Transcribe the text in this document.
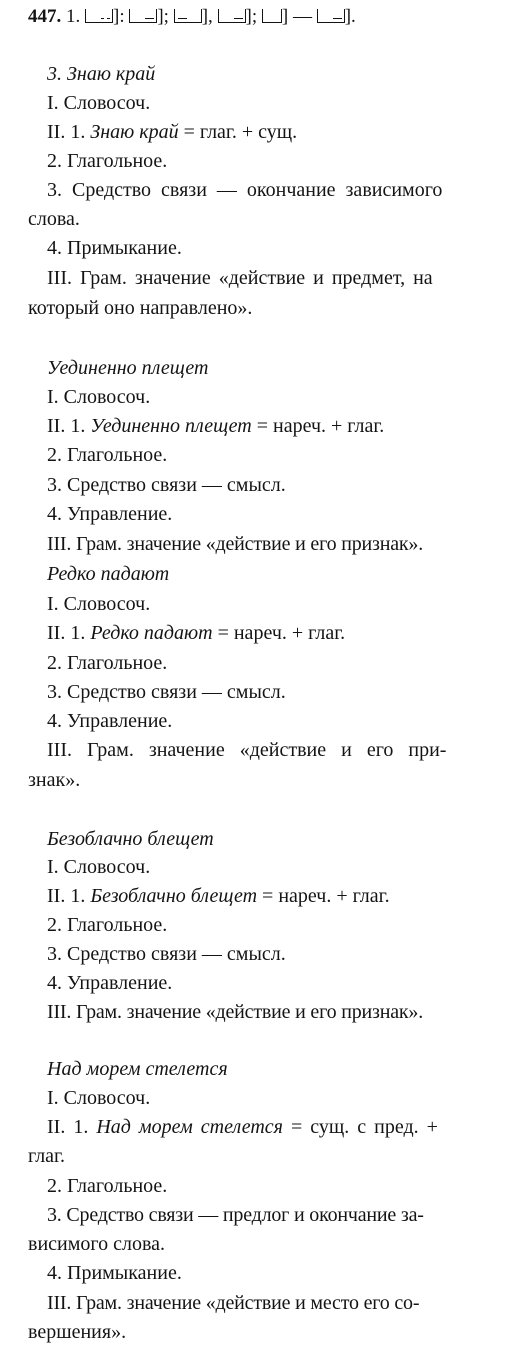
447. 1. ]:
];
],
]; ] —
].
3. Знаю край
I. Словосоч.
II. 1. Знаю край = глаг. + сущ.
2. Глагольное.
3. Средство связи — окончание зависимого
слова.
4. Примыкание.
III. Грам. значение «действие и предмет, на
который оно направлено».
Уединенно плещет
I. Словосоч.
II. 1. Уединенно плещет = нареч. + глаг.
2. Глагольное.
3. Средство связи — смысл.
4. Управление.
III. Грам. значение «действие и его признак».
Редко падают
I. Словосоч.
II. 1. Редко падают = нареч. + глаг.
2. Глагольное.
3. Средство связи — смысл.
4. Управление.
III. Грам. значение «действие и его при-
знак».
Безоблачно блещет
I. Словосоч.
II. 1. Безоблачно блещет = нареч. + глаг.
2. Глагольное.
3. Средство связи — смысл.
4. Управление.
III. Грам. значение «действие и его признак».
Над морем стелется
I. Словосоч.
II. 1. Над морем стелется = сущ. с пред. +
глаг.
2. Глагольное.
3. Средство связи — предлог и окончание за-
висимого слова.
4. Примыкание.
III. Грам. значение «действие и место его со-
вершения».
